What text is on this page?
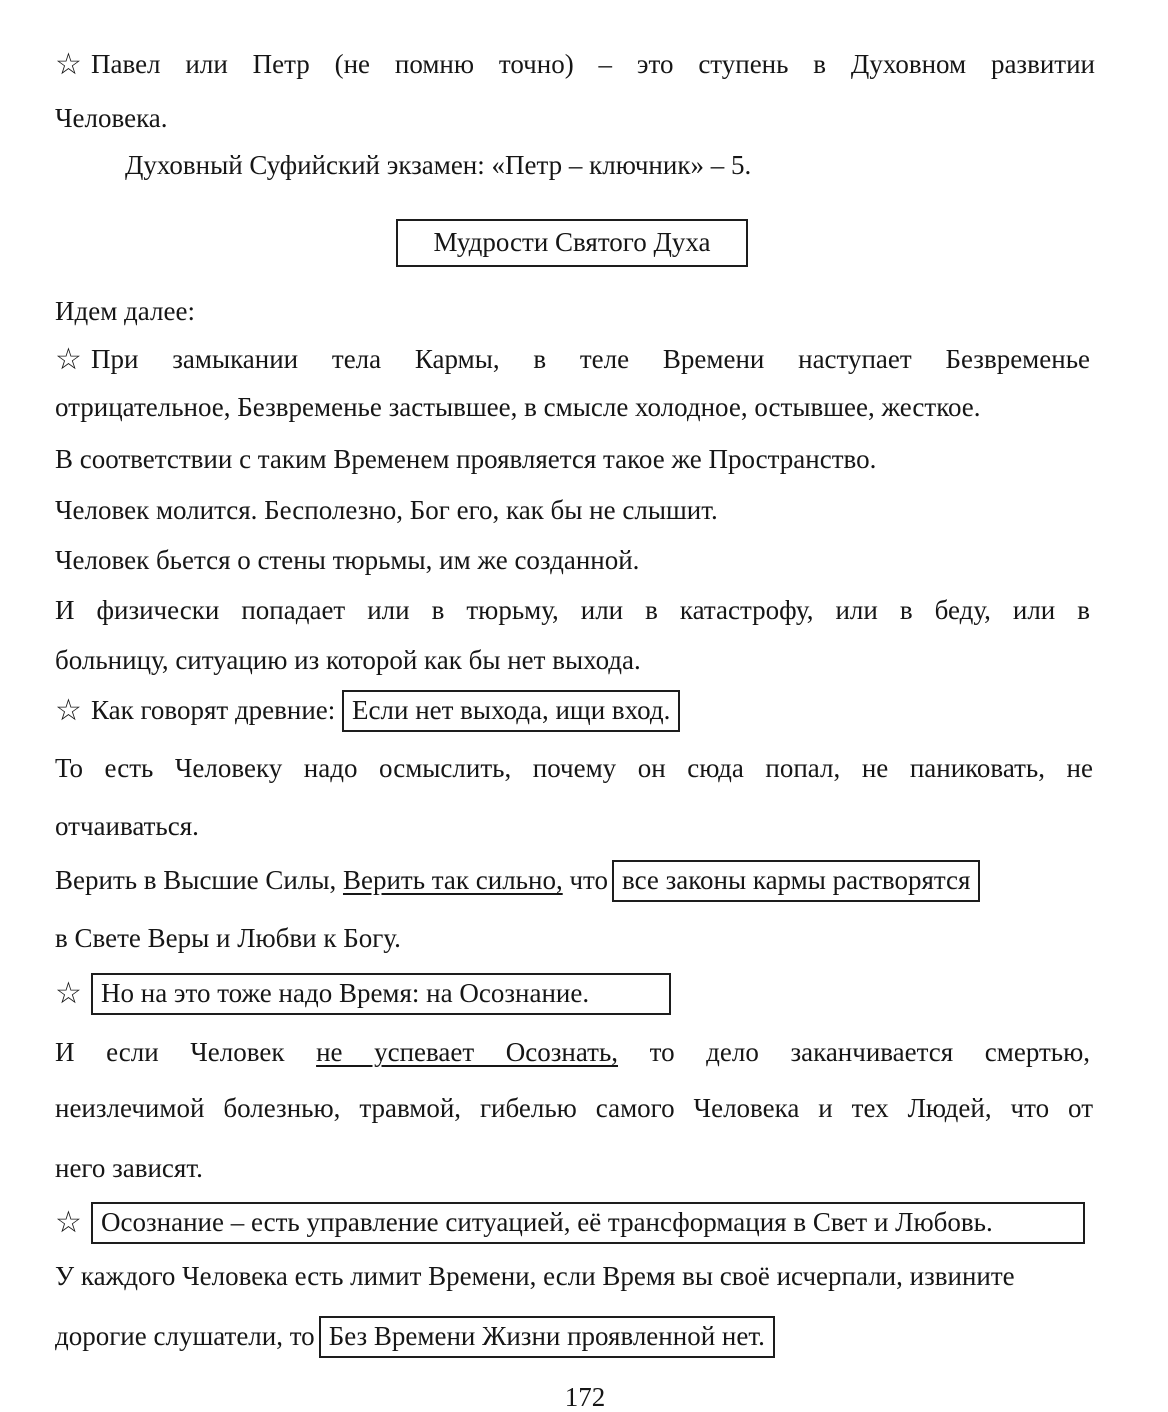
☆ Павел или Петр (не помню точно) – это ступень в Духовном развитии
Человека.
Духовный Суфийский экзамен: «Петр – ключник» – 5.
Мудрости Святого Духа
Идем далее:
☆ При замыкании тела Кармы, в теле Времени наступает Безвременье
отрицательное, Безвременье застывшее, в смысле холодное, остывшее, жесткое.
В соответствии с таким Временем проявляется такое же Пространство.
Человек молится. Бесполезно, Бог его, как бы не слышит.
Человек бьется о стены тюрьмы, им же созданной.
И физически попадает или в тюрьму, или в катастрофу, или в беду, или в
больницу, ситуацию из которой как бы нет выхода.
☆ Как говорят древние: Если нет выхода, ищи вход.
То есть Человеку надо осмыслить, почему он сюда попал, не паниковать, не
отчаиваться.
Верить в Высшие Силы, Верить так сильно, что все законы кармы растворятся
в Свете Веры и Любви к Богу.
☆ Но на это тоже надо Время: на Осознание.
И если Человек не успевает Осознать, то дело заканчивается смертью,
неизлечимой болезнью, травмой, гибелью самого Человека и тех Людей, что от
него зависят.
☆ Осознание – есть управление ситуацией, её трансформация в Свет и Любовь.
У каждого Человека есть лимит Времени, если Время вы своё исчерпали, извините
дорогие слушатели, то Без Времени Жизни проявленной нет.
172
